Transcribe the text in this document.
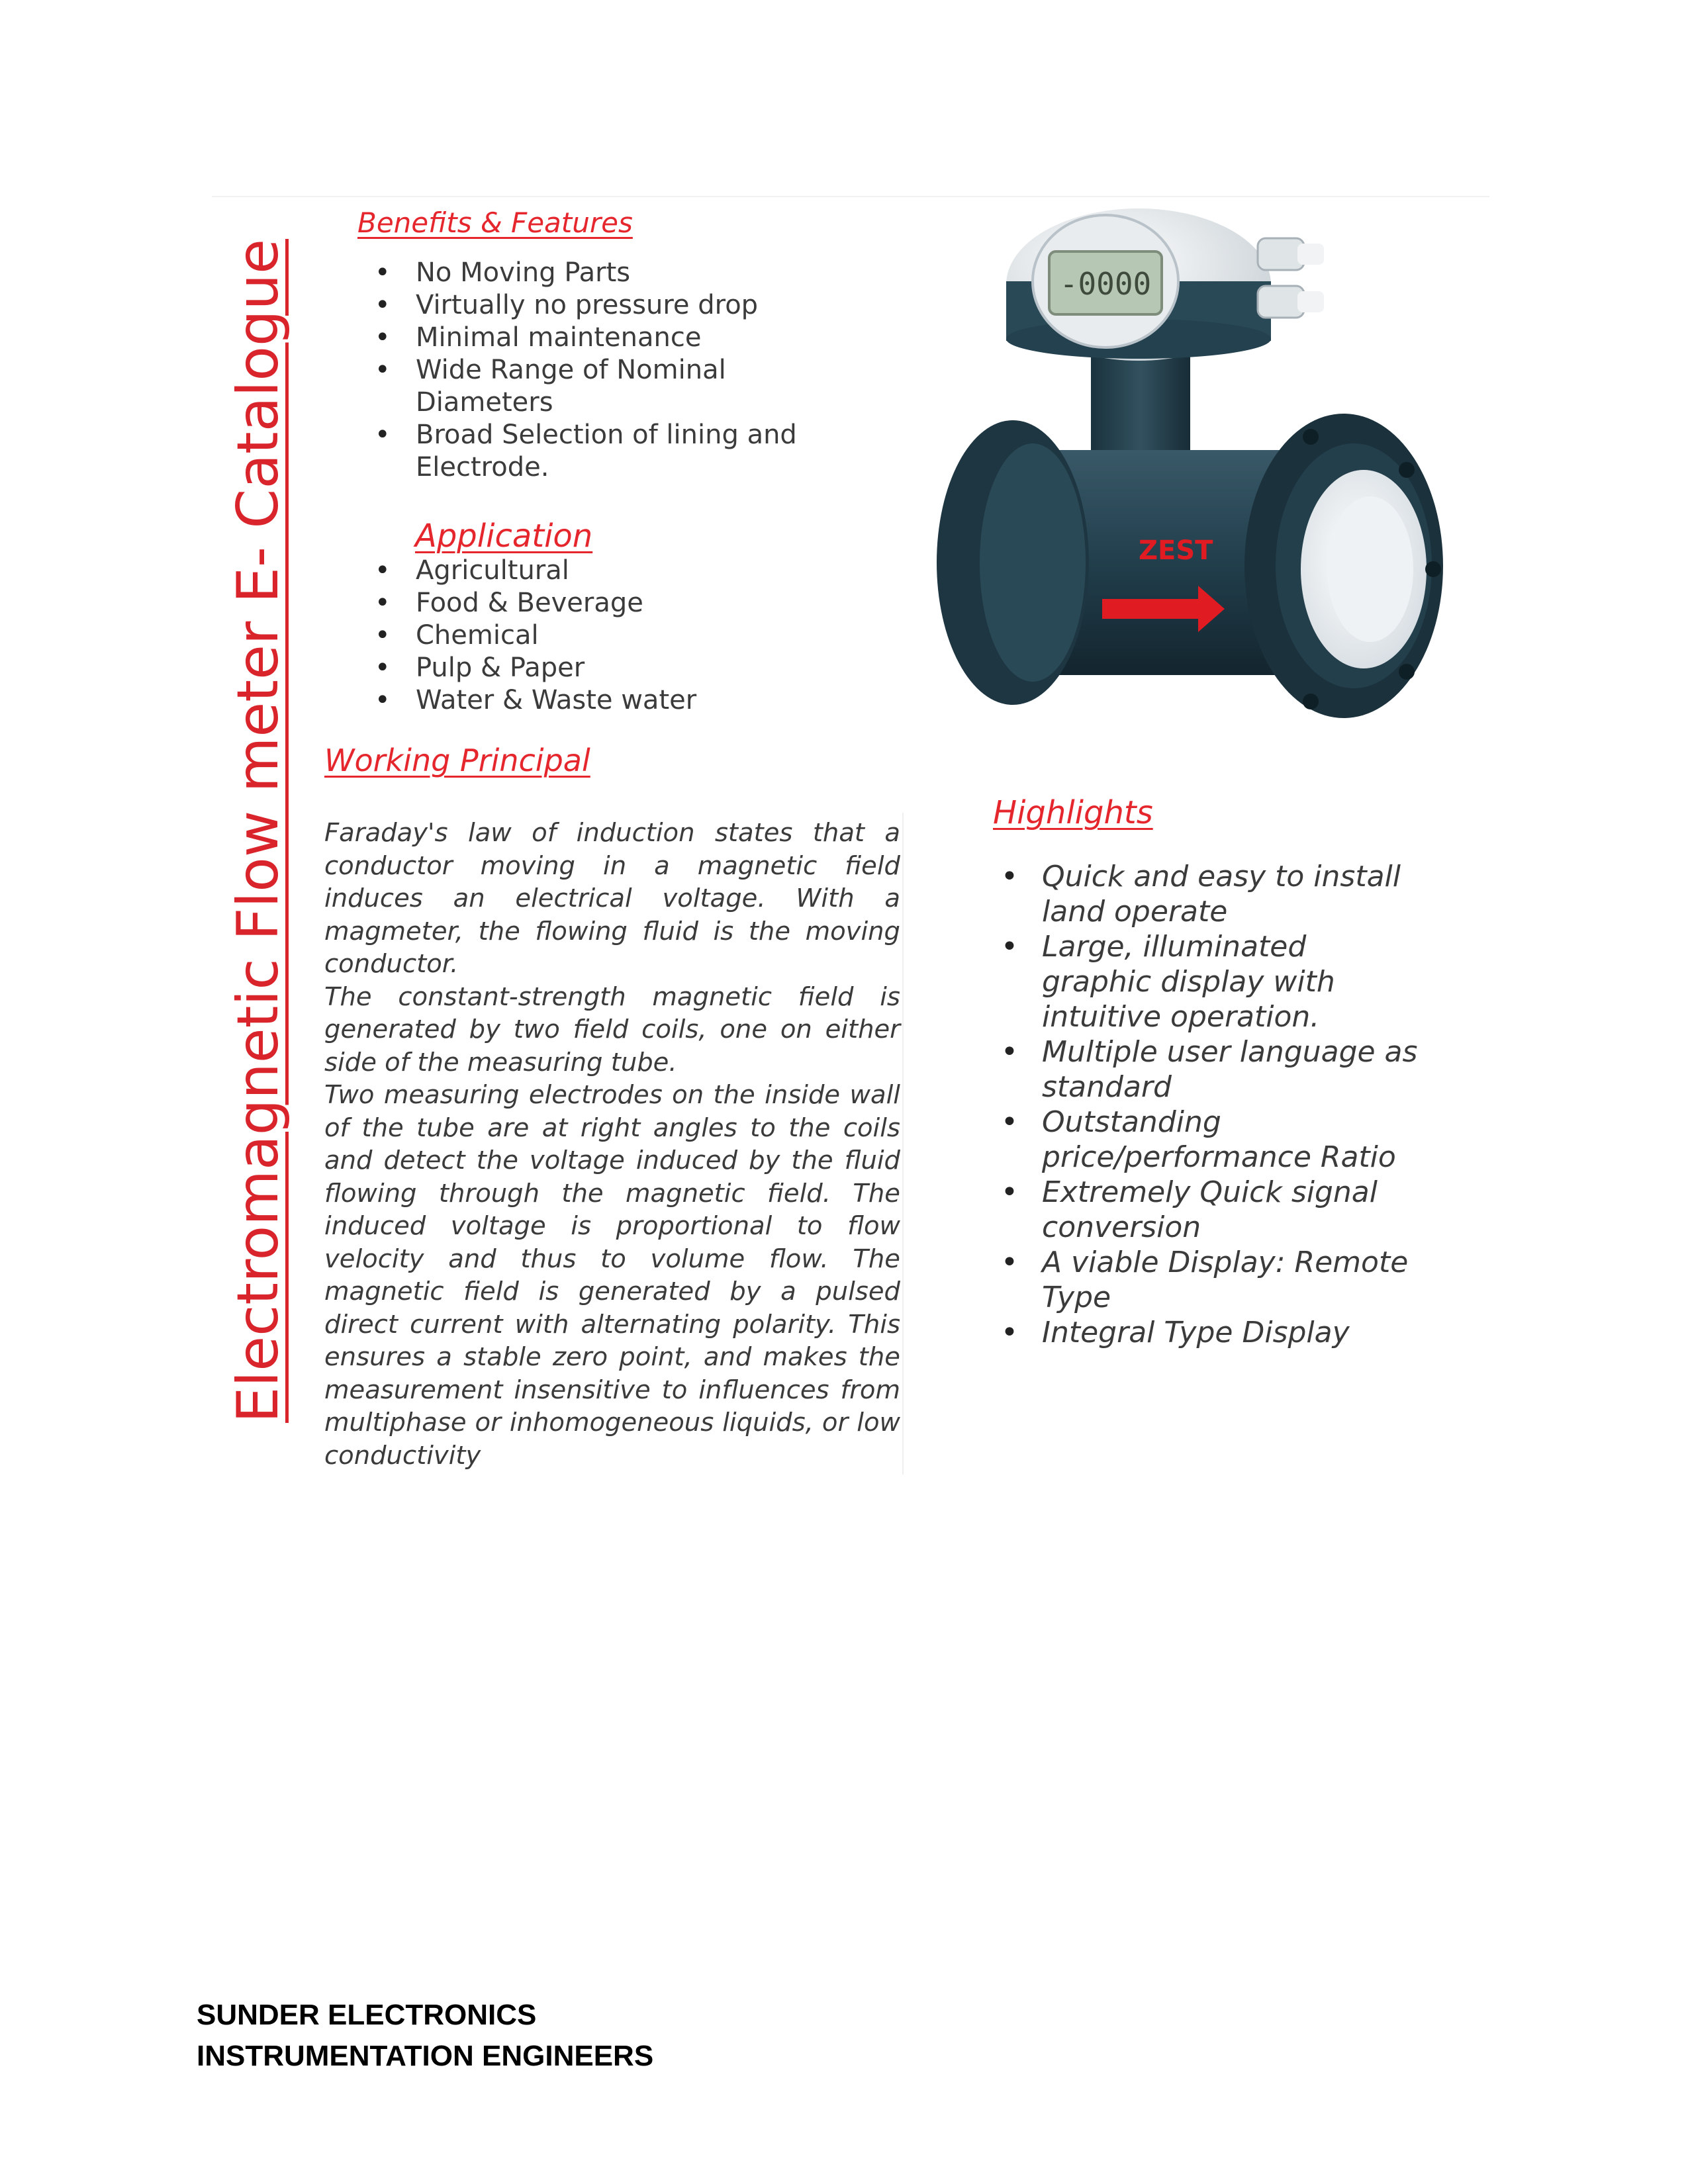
Electromagnetic Flow meter E- Catalogue
Benefits & Features
• No Moving Parts
• Virtually no pressure drop
• Minimal maintenance
• Wide Range of Nominal Diameters
• Broad Selection of lining and Electrode.
Application
• Agricultural
• Food & Beverage
• Chemical
• Pulp & Paper
• Water & Waste water
Working Principal

Faraday's law of induction states that a conductor moving in a magnetic field induces an electrical voltage. With a magmeter, the flowing fluid is the moving conductor.

The constant-strength magnetic field is generated by two field coils, one on either side of the measuring tube.

Two measuring electrodes on the inside wall of the tube are at right angles to the coils and detect the voltage induced by the fluid flowing through the magnetic field. The induced voltage is proportional to flow velocity and thus to volume flow. The magnetic field is generated by a pulsed direct current with alternating polarity. This ensures a stable zero point, and makes the measurement insensitive to influences from multiphase or inhomogeneous liquids, or low conductivity

-0000
ZEST
Highlights
• Quick and easy to install land operate
• Large, illuminated graphic display with intuitive operation.
• Multiple user language as standard
• Outstanding price/performance Ratio
• Extremely Quick signal conversion
• A viable Display: Remote Type
• Integral Type Display
SUNDER ELECTRONICS
INSTRUMENTATION ENGINEERS
